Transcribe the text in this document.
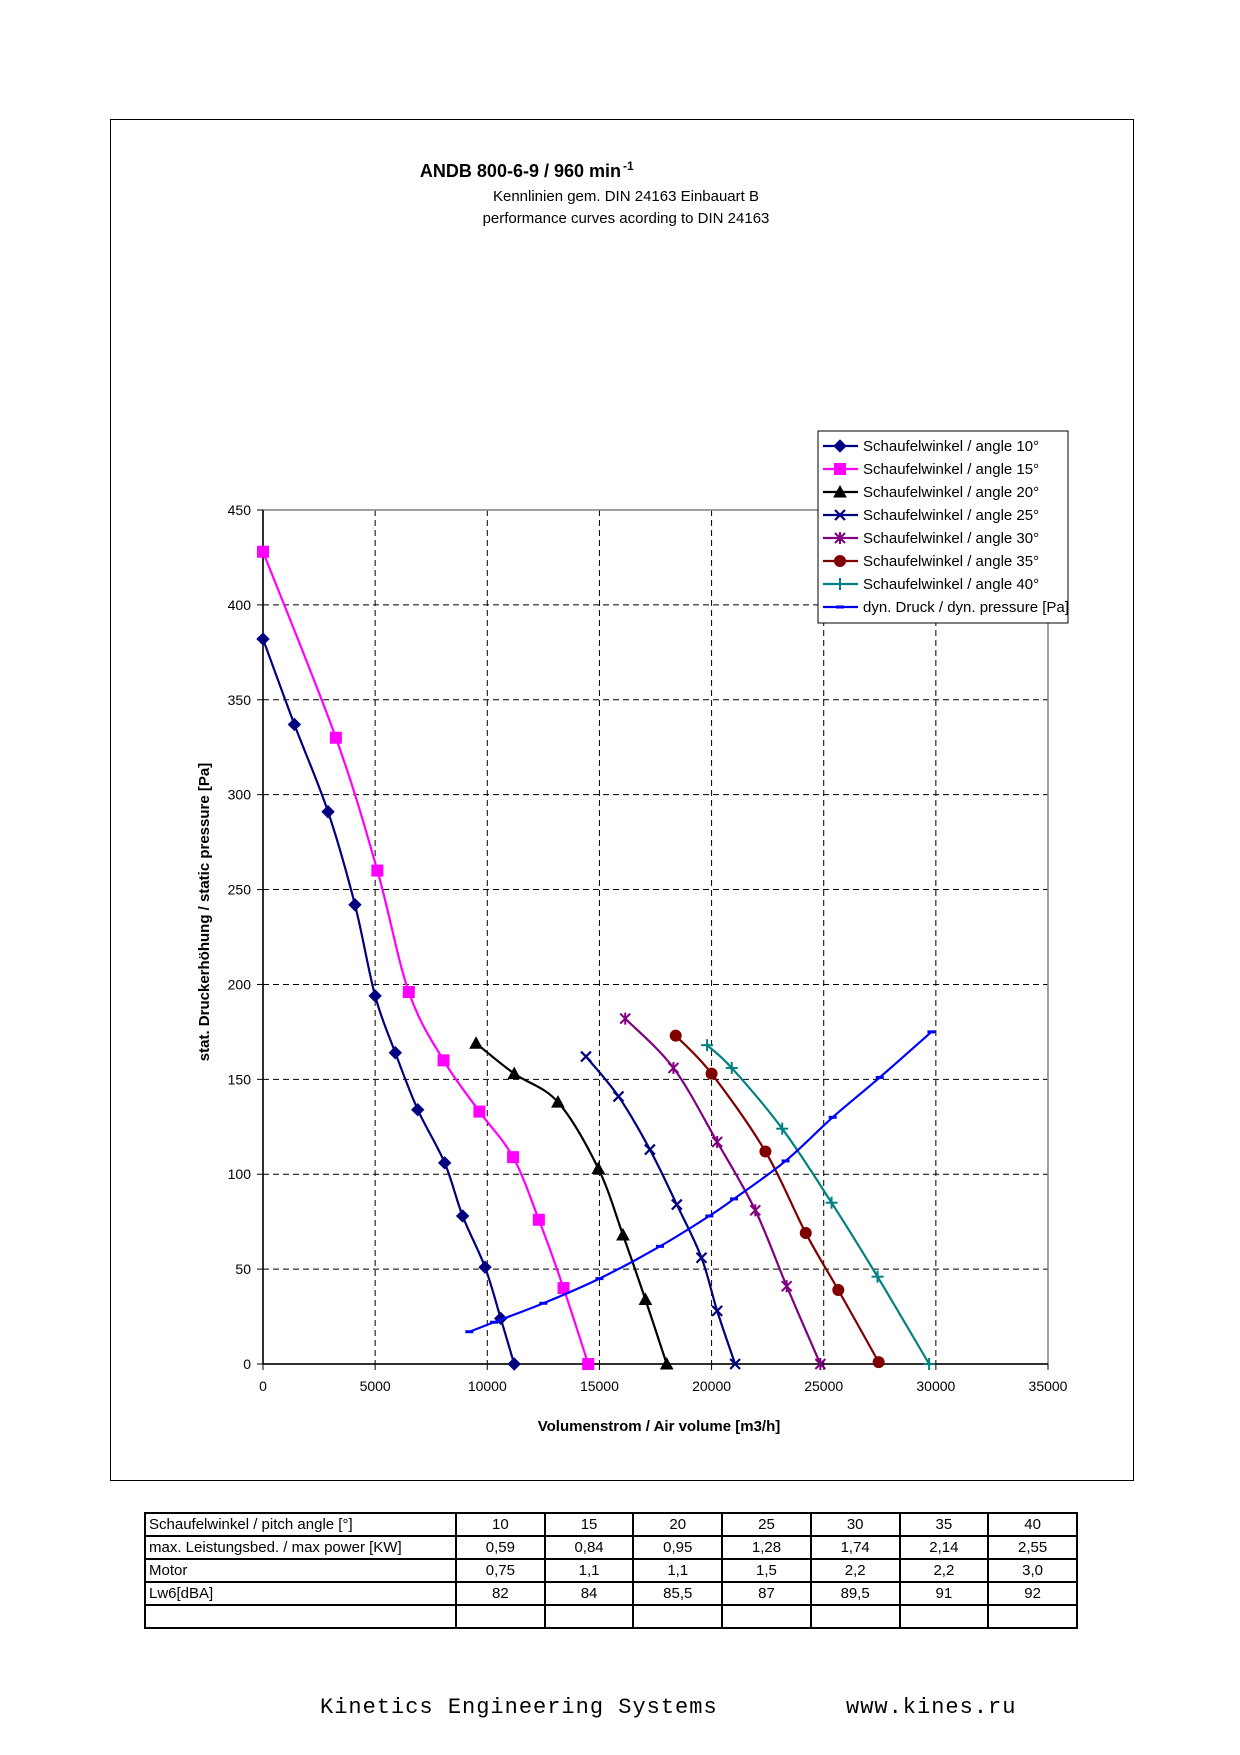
ANDB 800-6-9 / 960 min -1
Kennlinien gem. DIN 24163 Einbauart B
performance curves acording to DIN 24163
0
50
100
150
200
250
300
350
400
450
0	5000	10000	15000	20000	25000	30000	35000
Volumenstrom / Air volume [m3/h]
stat. Druckerhöhung / static pressure [Pa]
Schaufelwinkel / angle 10°
Schaufelwinkel / angle 15°
Schaufelwinkel / angle 20°
Schaufelwinkel / angle 25°
Schaufelwinkel / angle 30°
Schaufelwinkel / angle 35°
Schaufelwinkel / angle 40°
dyn. Druck / dyn. pressure [Pa]
Schaufelwinkel / pitch angle [°]	10	15	20	25	30	35	40
max. Leistungsbed. / max power [KW]	0,59	0,84	0,95	1,28	1,74	2,14	2,55
Motor	0,75	1,1	1,1	1,5	2,2	2,2	3,0
Lw6[dBA]	82	84	85,5	87	89,5	91	92

Kinetics Engineering Systems	www.kines.ru
